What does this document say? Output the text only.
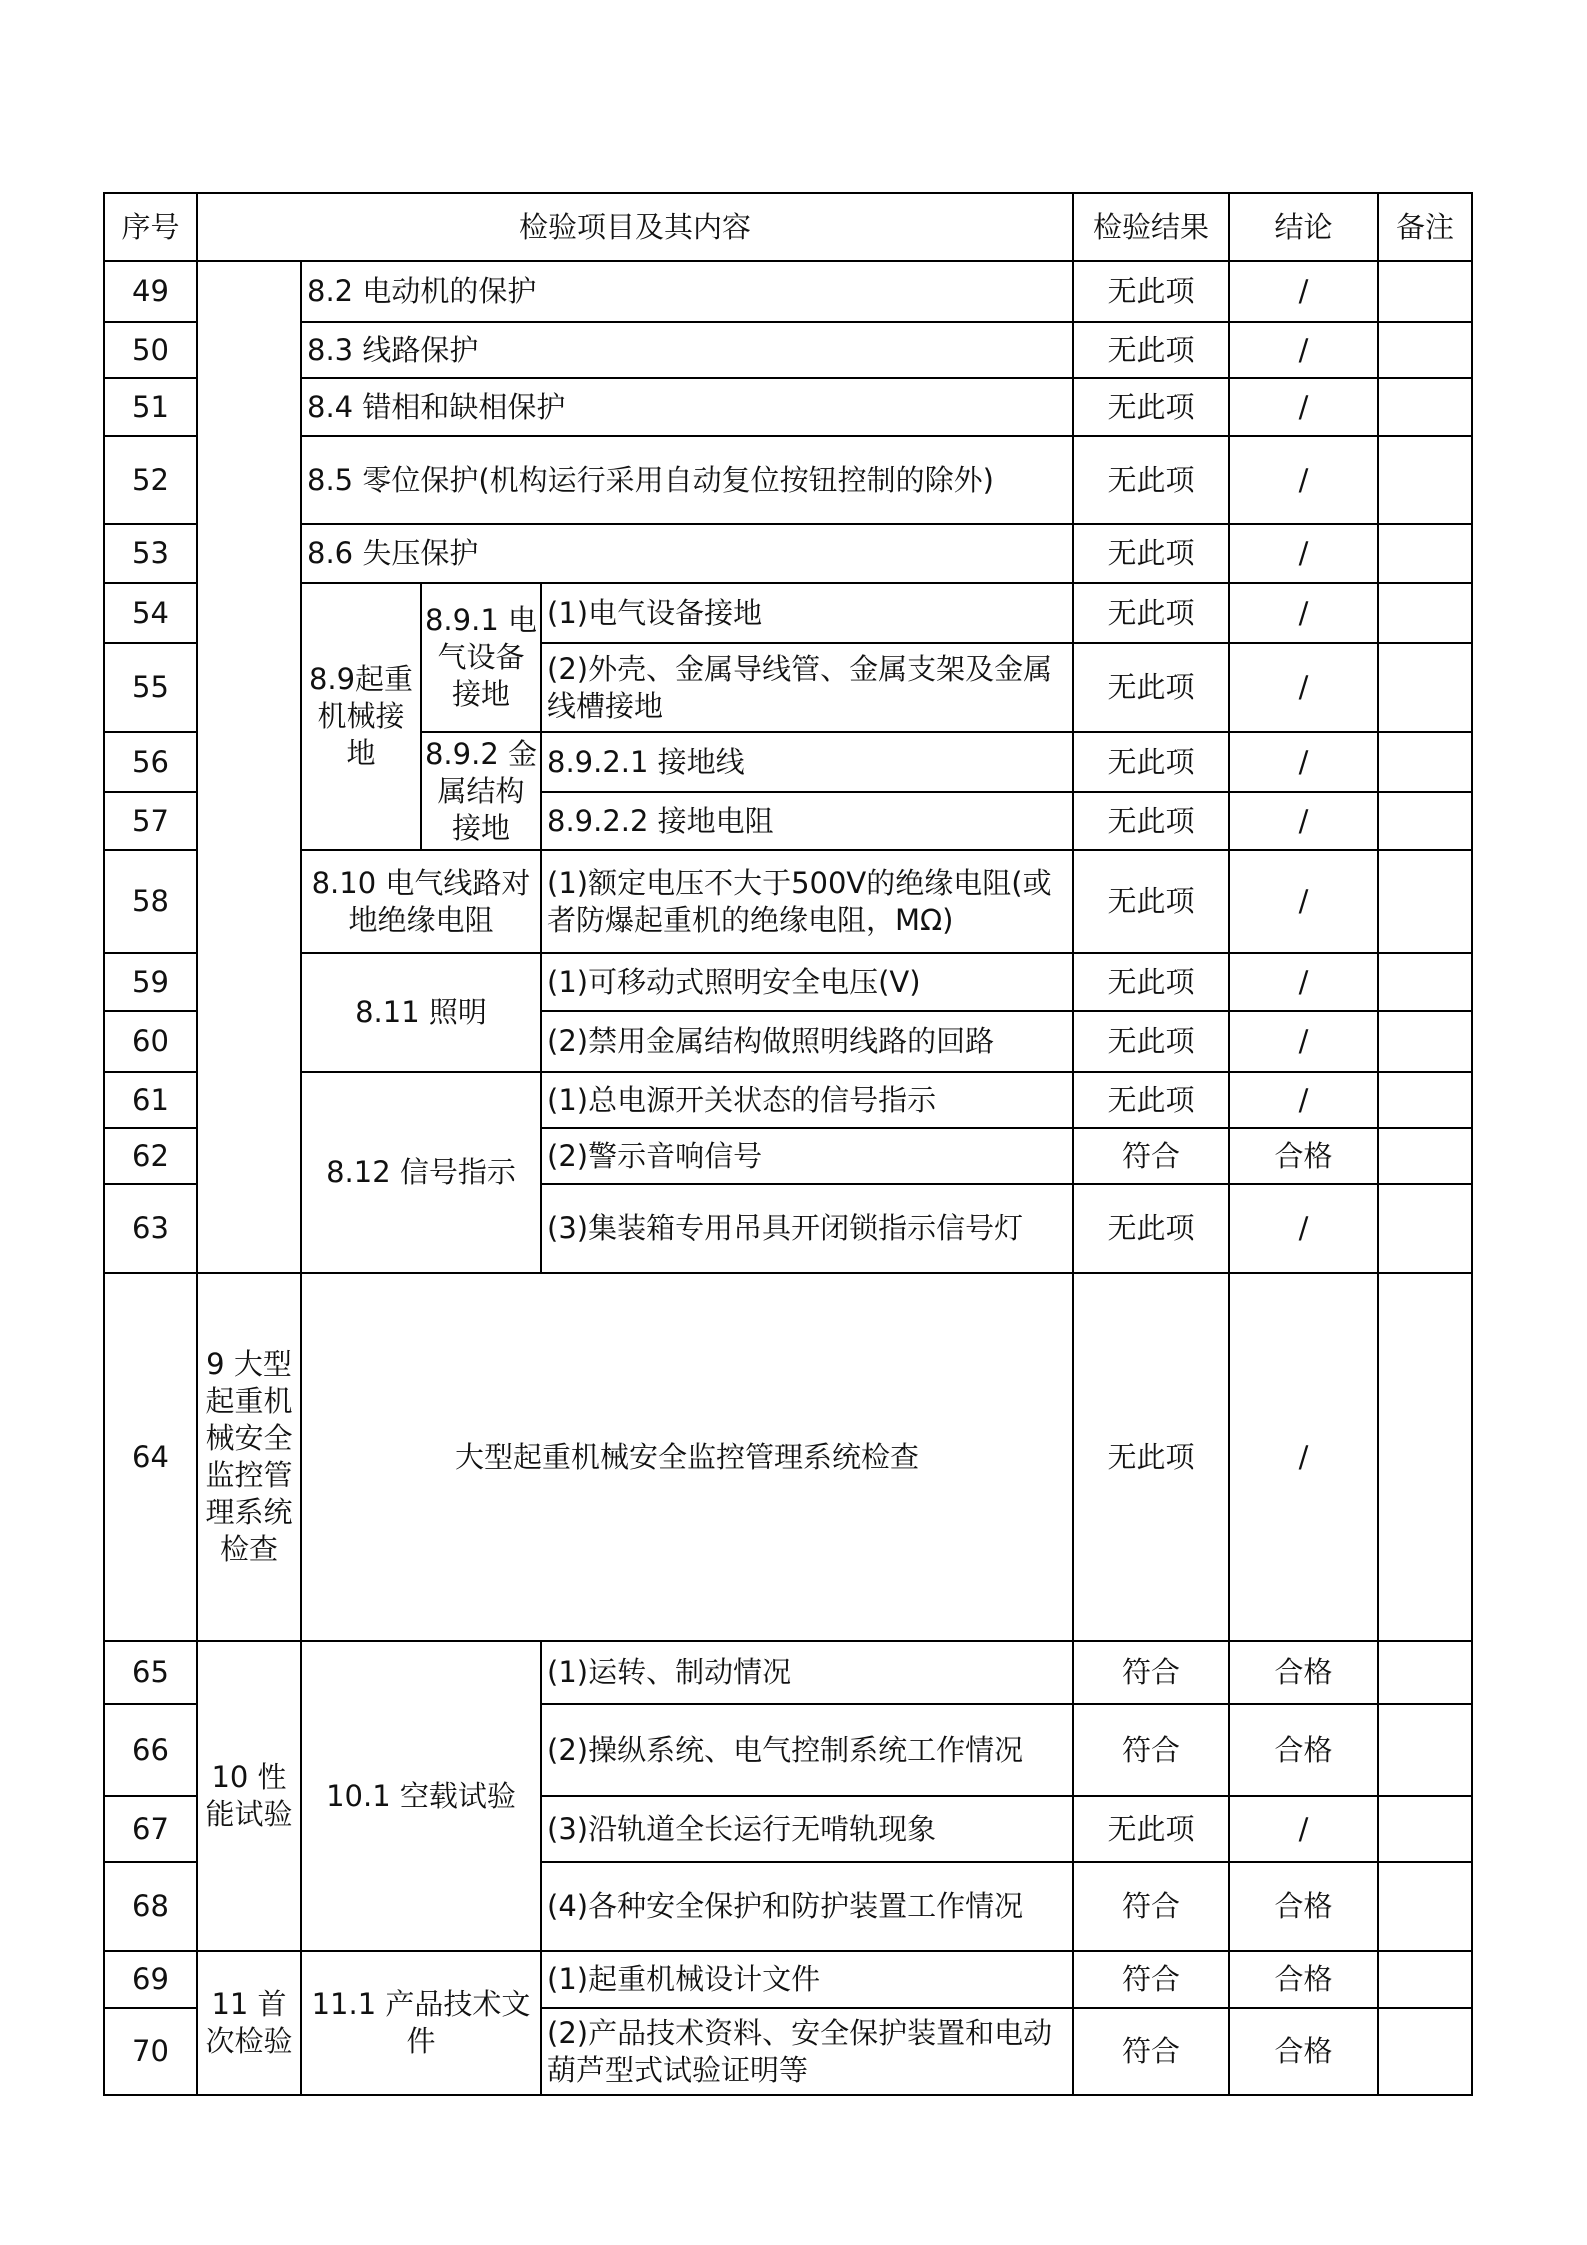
序号	检验项目及其内容				检验结果	结论	备注
49		8.2 电动机的保护			无此项	/	
50		8.3 线路保护			无此项	/	
51		8.4 错相和缺相保护			无此项	/	
52		8.5 零位保护(机构运行采用自动复位按钮控制的除外)			无此项	/	
53		8.6 失压保护			无此项	/	
54		8.9起重机械接地	8.9.1 电气设备接地	(1)电气设备接地	无此项	/	
55				(2)外壳、金属导线管、金属支架及金属线槽接地	无此项	/	
56			8.9.2 金属结构接地	8.9.2.1 接地线	无此项	/	
57				8.9.2.2 接地电阻	无此项	/	
58		8.10 电气线路对地绝缘电阻		(1)额定电压不大于500V的绝缘电阻(或者防爆起重机的绝缘电阻，MΩ)	无此项	/	
59		8.11 照明		(1)可移动式照明安全电压(V)	无此项	/	
60				(2)禁用金属结构做照明线路的回路	无此项	/	
61		8.12 信号指示		(1)总电源开关状态的信号指示	无此项	/	
62				(2)警示音响信号	符合	合格	
63				(3)集装箱专用吊具开闭锁指示信号灯	无此项	/	
64	9 大型起重机械安全监控管理系统检查	大型起重机械安全监控管理系统检查			无此项	/	
65	10 性能试验	10.1 空载试验		(1)运转、制动情况	符合	合格	
66				(2)操纵系统、电气控制系统工作情况	符合	合格	
67				(3)沿轨道全长运行无啃轨现象	无此项	/	
68				(4)各种安全保护和防护装置工作情况	符合	合格	
69	11 首次检验	11.1 产品技术文件		(1)起重机械设计文件	符合	合格	
70				(2)产品技术资料、安全保护装置和电动葫芦型式试验证明等	符合	合格	
